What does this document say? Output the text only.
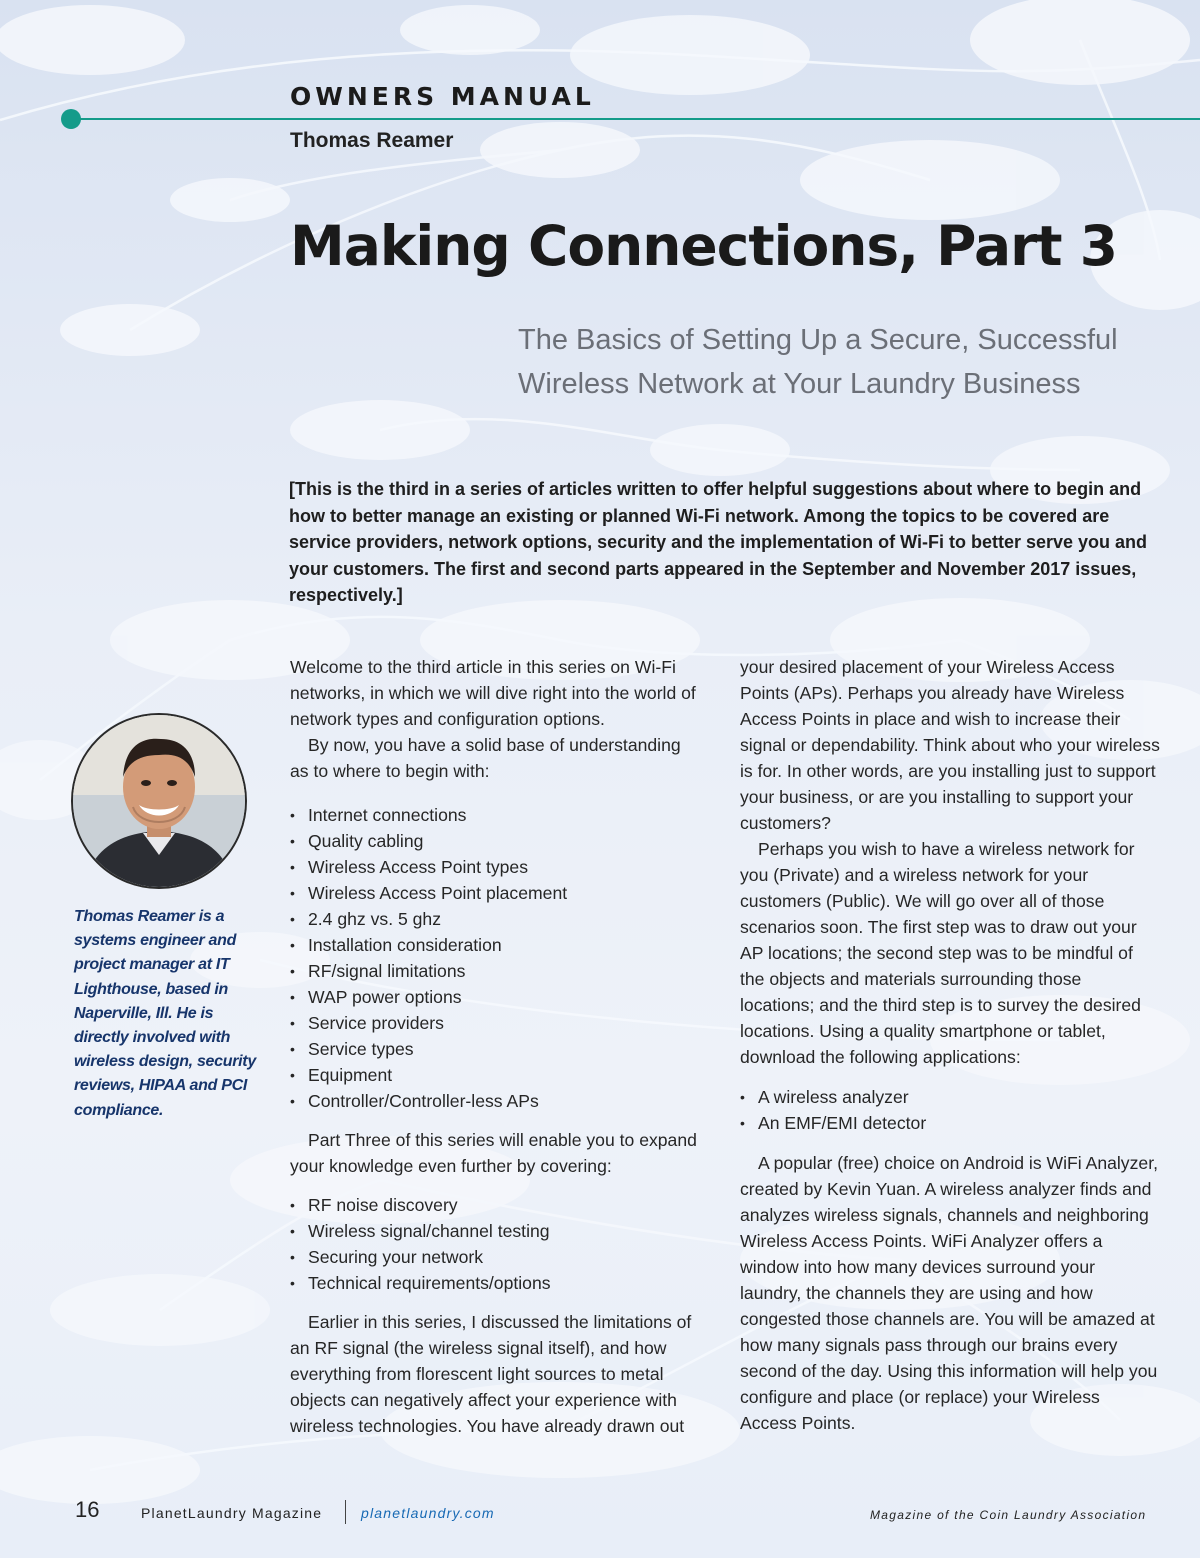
OWNERS MANUAL
Thomas Reamer
Making Connections, Part 3
The Basics of Setting Up a Secure, Successful
Wireless Network at Your Laundry Business

[This is the third in a series of articles written to offer helpful suggestions about where to begin and how to better manage an existing or planned Wi-Fi network. Among the topics to be covered are service providers, network options, security and the implementation of Wi-Fi to better serve you and your customers. The first and second parts appeared in the September and November 2017 issues, respectively.]

Thomas Reamer is a systems engineer and project manager at IT Lighthouse, based in Naperville, Ill. He is directly involved with wireless design, security reviews, HIPAA and PCI compliance.

Welcome to the third article in this series on Wi-Fi networks, in which we will dive right into the world of network types and configuration options.

By now, you have a solid base of understanding as to where to begin with:

• Internet connections
• Quality cabling
• Wireless Access Point types
• Wireless Access Point placement
• 2.4 ghz vs. 5 ghz
• Installation consideration
• RF/signal limitations
• WAP power options
• Service providers
• Service types
• Equipment
• Controller/Controller-less APs

Part Three of this series will enable you to expand your knowledge even further by covering:

• RF noise discovery
• Wireless signal/channel testing
• Securing your network
• Technical requirements/options

Earlier in this series, I discussed the limitations of an RF signal (the wireless signal itself), and how everything from florescent light sources to metal objects can negatively affect your experience with wireless technologies. You have already drawn out

your desired placement of your Wireless Access Points (APs). Perhaps you already have Wireless Access Points in place and wish to increase their signal or dependability. Think about who your wireless is for. In other words, are you installing just to support your business, or are you installing to support your customers?

Perhaps you wish to have a wireless network for you (Private) and a wireless network for your customers (Public). We will go over all of those scenarios soon. The first step was to draw out your AP locations; the second step was to be mindful of the objects and materials surrounding those locations; and the third step is to survey the desired locations. Using a quality smartphone or tablet, download the following applications:

• A wireless analyzer
• An EMF/EMI detector

A popular (free) choice on Android is WiFi Analyzer, created by Kevin Yuan. A wireless analyzer finds and analyzes wireless signals, channels and neighboring Wireless Access Points. WiFi Analyzer offers a window into how many devices surround your laundry, the channels they are using and how congested those channels are. You will be amazed at how many signals pass through our brains every second of the day. Using this information will help you configure and place (or replace) your Wireless Access Points.

16	PlanetLaundry Magazine	planetlaundry.com	Magazine of the Coin Laundry Association
